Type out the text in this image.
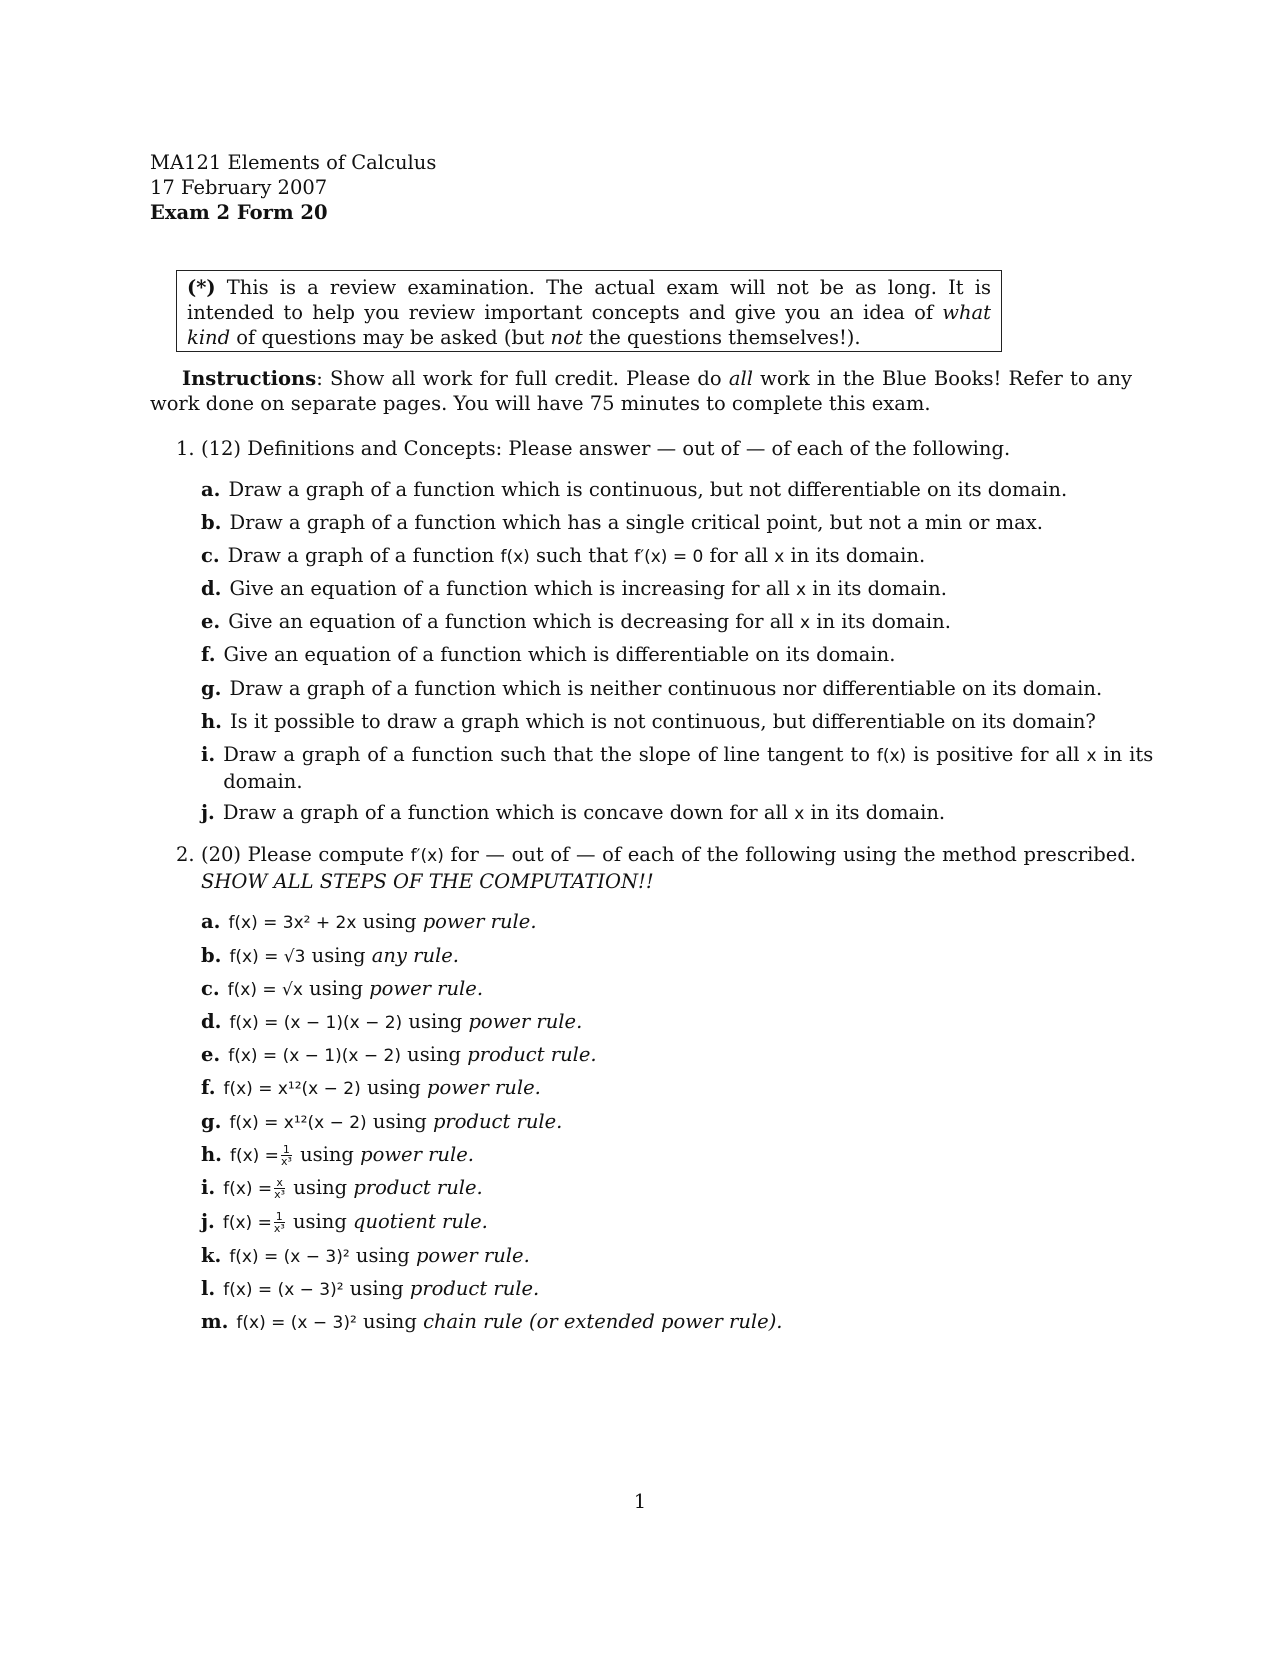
MA121 Elements of Calculus
17 February 2007
Exam 2 Form 20
(*) This is a review examination. The actual exam will not be as long. It is intended to help you review important concepts and give you an idea of what kind of questions may be asked (but not the questions themselves!).
Instructions: Show all work for full credit. Please do all work in the Blue Books! Refer to any work done on separate pages. You will have 75 minutes to complete this exam.
1. (12) Definitions and Concepts: Please answer — out of — of each of the following.
a. Draw a graph of a function which is continuous, but not differentiable on its domain.
b. Draw a graph of a function which has a single critical point, but not a min or max.
c. Draw a graph of a function f(x) such that f′(x) = 0 for all x in its domain.
d. Give an equation of a function which is increasing for all x in its domain.
e. Give an equation of a function which is decreasing for all x in its domain.
f. Give an equation of a function which is differentiable on its domain.
g. Draw a graph of a function which is neither continuous nor differentiable on its domain.
h. Is it possible to draw a graph which is not continuous, but differentiable on its domain?
i. Draw a graph of a function such that the slope of line tangent to f(x) is positive for all x in its domain.
j. Draw a graph of a function which is concave down for all x in its domain.
2. (20) Please compute f′(x) for — out of — of each of the following using the method prescribed. SHOW ALL STEPS OF THE COMPUTATION!!
a. f(x) = 3x² + 2x using power rule.
b. f(x) = √3 using any rule.
c. f(x) = √x using power rule.
d. f(x) = (x − 1)(x − 2) using power rule.
e. f(x) = (x − 1)(x − 2) using product rule.
f. f(x) = x¹²(x − 2) using power rule.
g. f(x) = x¹²(x − 2) using product rule.
h. $f(x) = \frac{1}{\text{x³}}$ using power rule.
i. $f(x) = \frac{x}{\text{x³}}$ using product rule.
j. $f(x) = \frac{1}{\text{x³}}$ using quotient rule.
k. f(x) = (x − 3)² using power rule.
l. f(x) = (x − 3)² using product rule.
m. f(x) = (x − 3)² using chain rule (or extended power rule).
1
